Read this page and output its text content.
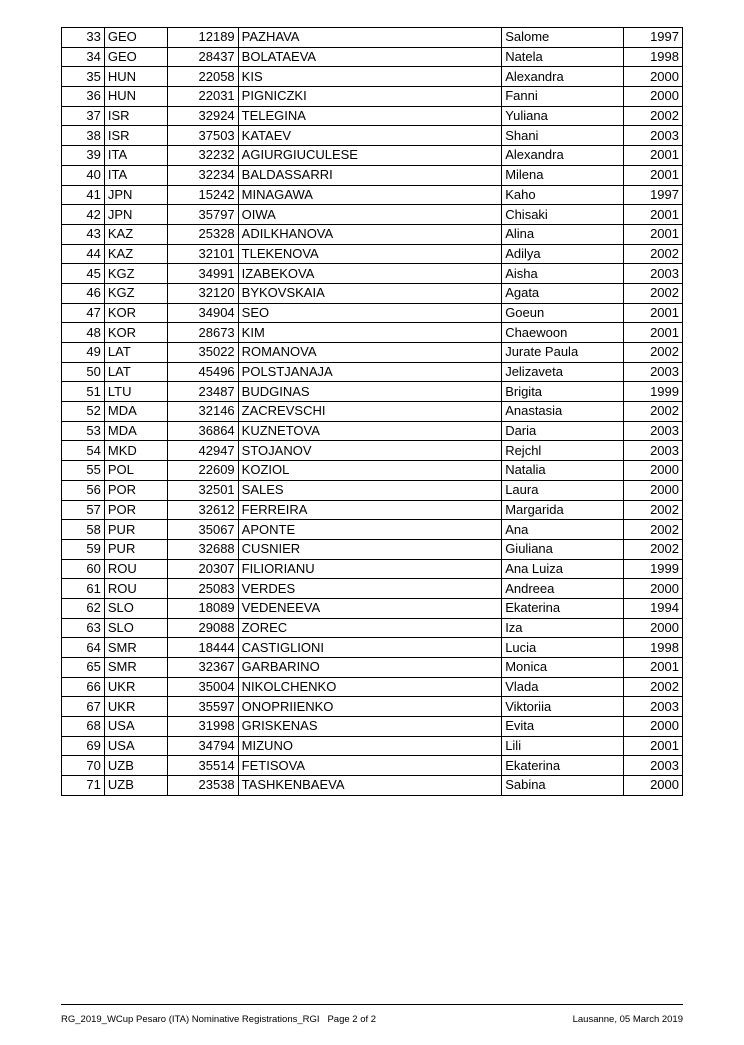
33	GEO	12189	PAZHAVA	Salome	1997
34	GEO	28437	BOLATAEVA	Natela	1998
35	HUN	22058	KIS	Alexandra	2000
36	HUN	22031	PIGNICZKI	Fanni	2000
37	ISR	32924	TELEGINA	Yuliana	2002
38	ISR	37503	KATAEV	Shani	2003
39	ITA	32232	AGIURGIUCULESE	Alexandra	2001
40	ITA	32234	BALDASSARRI	Milena	2001
41	JPN	15242	MINAGAWA	Kaho	1997
42	JPN	35797	OIWA	Chisaki	2001
43	KAZ	25328	ADILKHANOVA	Alina	2001
44	KAZ	32101	TLEKENOVA	Adilya	2002
45	KGZ	34991	IZABEKOVA	Aisha	2003
46	KGZ	32120	BYKOVSKAIA	Agata	2002
47	KOR	34904	SEO	Goeun	2001
48	KOR	28673	KIM	Chaewoon	2001
49	LAT	35022	ROMANOVA	Jurate Paula	2002
50	LAT	45496	POLSTJANAJA	Jelizaveta	2003
51	LTU	23487	BUDGINAS	Brigita	1999
52	MDA	32146	ZACREVSCHI	Anastasia	2002
53	MDA	36864	KUZNETOVA	Daria	2003
54	MKD	42947	STOJANOV	Rejchl	2003
55	POL	22609	KOZIOL	Natalia	2000
56	POR	32501	SALES	Laura	2000
57	POR	32612	FERREIRA	Margarida	2002
58	PUR	35067	APONTE	Ana	2002
59	PUR	32688	CUSNIER	Giuliana	2002
60	ROU	20307	FILIORIANU	Ana Luiza	1999
61	ROU	25083	VERDES	Andreea	2000
62	SLO	18089	VEDENEEVA	Ekaterina	1994
63	SLO	29088	ZOREC	Iza	2000
64	SMR	18444	CASTIGLIONI	Lucia	1998
65	SMR	32367	GARBARINO	Monica	2001
66	UKR	35004	NIKOLCHENKO	Vlada	2002
67	UKR	35597	ONOPRIIENKO	Viktoriia	2003
68	USA	31998	GRISKENAS	Evita	2000
69	USA	34794	MIZUNO	Lili	2001
70	UZB	35514	FETISOVA	Ekaterina	2003
71	UZB	23538	TASHKENBAEVA	Sabina	2000
RG_2019_WCup Pesaro (ITA) Nominative Registrations_RGI   Page 2 of 2	Lausanne, 05 March 2019
